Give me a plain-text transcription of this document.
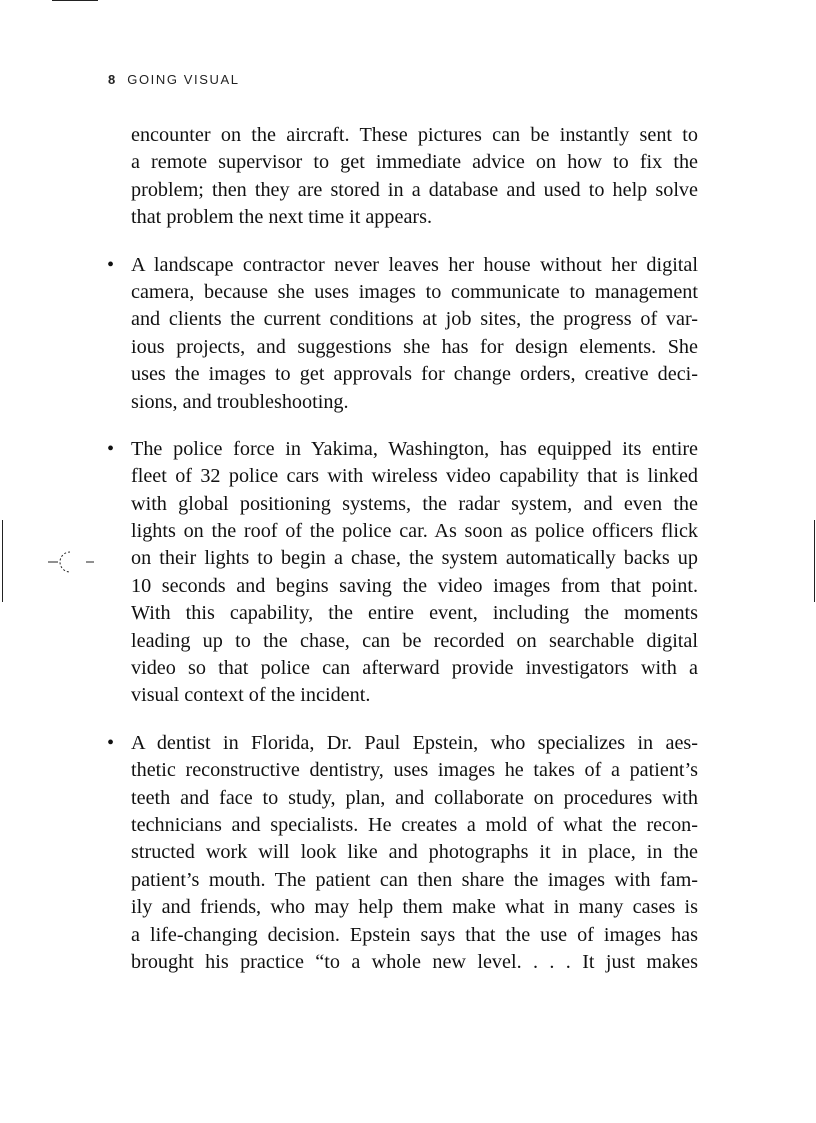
8 GOING VISUAL
encounter on the aircraft. These pictures can be instantly sent to
a remote supervisor to get immediate advice on how to fix the
problem; then they are stored in a database and used to help solve
that problem the next time it appears.
• A landscape contractor never leaves her house without her digital
camera, because she uses images to communicate to management
and clients the current conditions at job sites, the progress of var-
ious projects, and suggestions she has for design elements. She
uses the images to get approvals for change orders, creative deci-
sions, and troubleshooting.
• The police force in Yakima, Washington, has equipped its entire
fleet of 32 police cars with wireless video capability that is linked
with global positioning systems, the radar system, and even the
lights on the roof of the police car. As soon as police officers flick
on their lights to begin a chase, the system automatically backs up
10 seconds and begins saving the video images from that point.
With this capability, the entire event, including the moments
leading up to the chase, can be recorded on searchable digital
video so that police can afterward provide investigators with a
visual context of the incident.
• A dentist in Florida, Dr. Paul Epstein, who specializes in aes-
thetic reconstructive dentistry, uses images he takes of a patient’s
teeth and face to study, plan, and collaborate on procedures with
technicians and specialists. He creates a mold of what the recon-
structed work will look like and photographs it in place, in the
patient’s mouth. The patient can then share the images with fam-
ily and friends, who may help them make what in many cases is
a life-changing decision. Epstein says that the use of images has
brought his practice “to a whole new level. . . . It just makes
